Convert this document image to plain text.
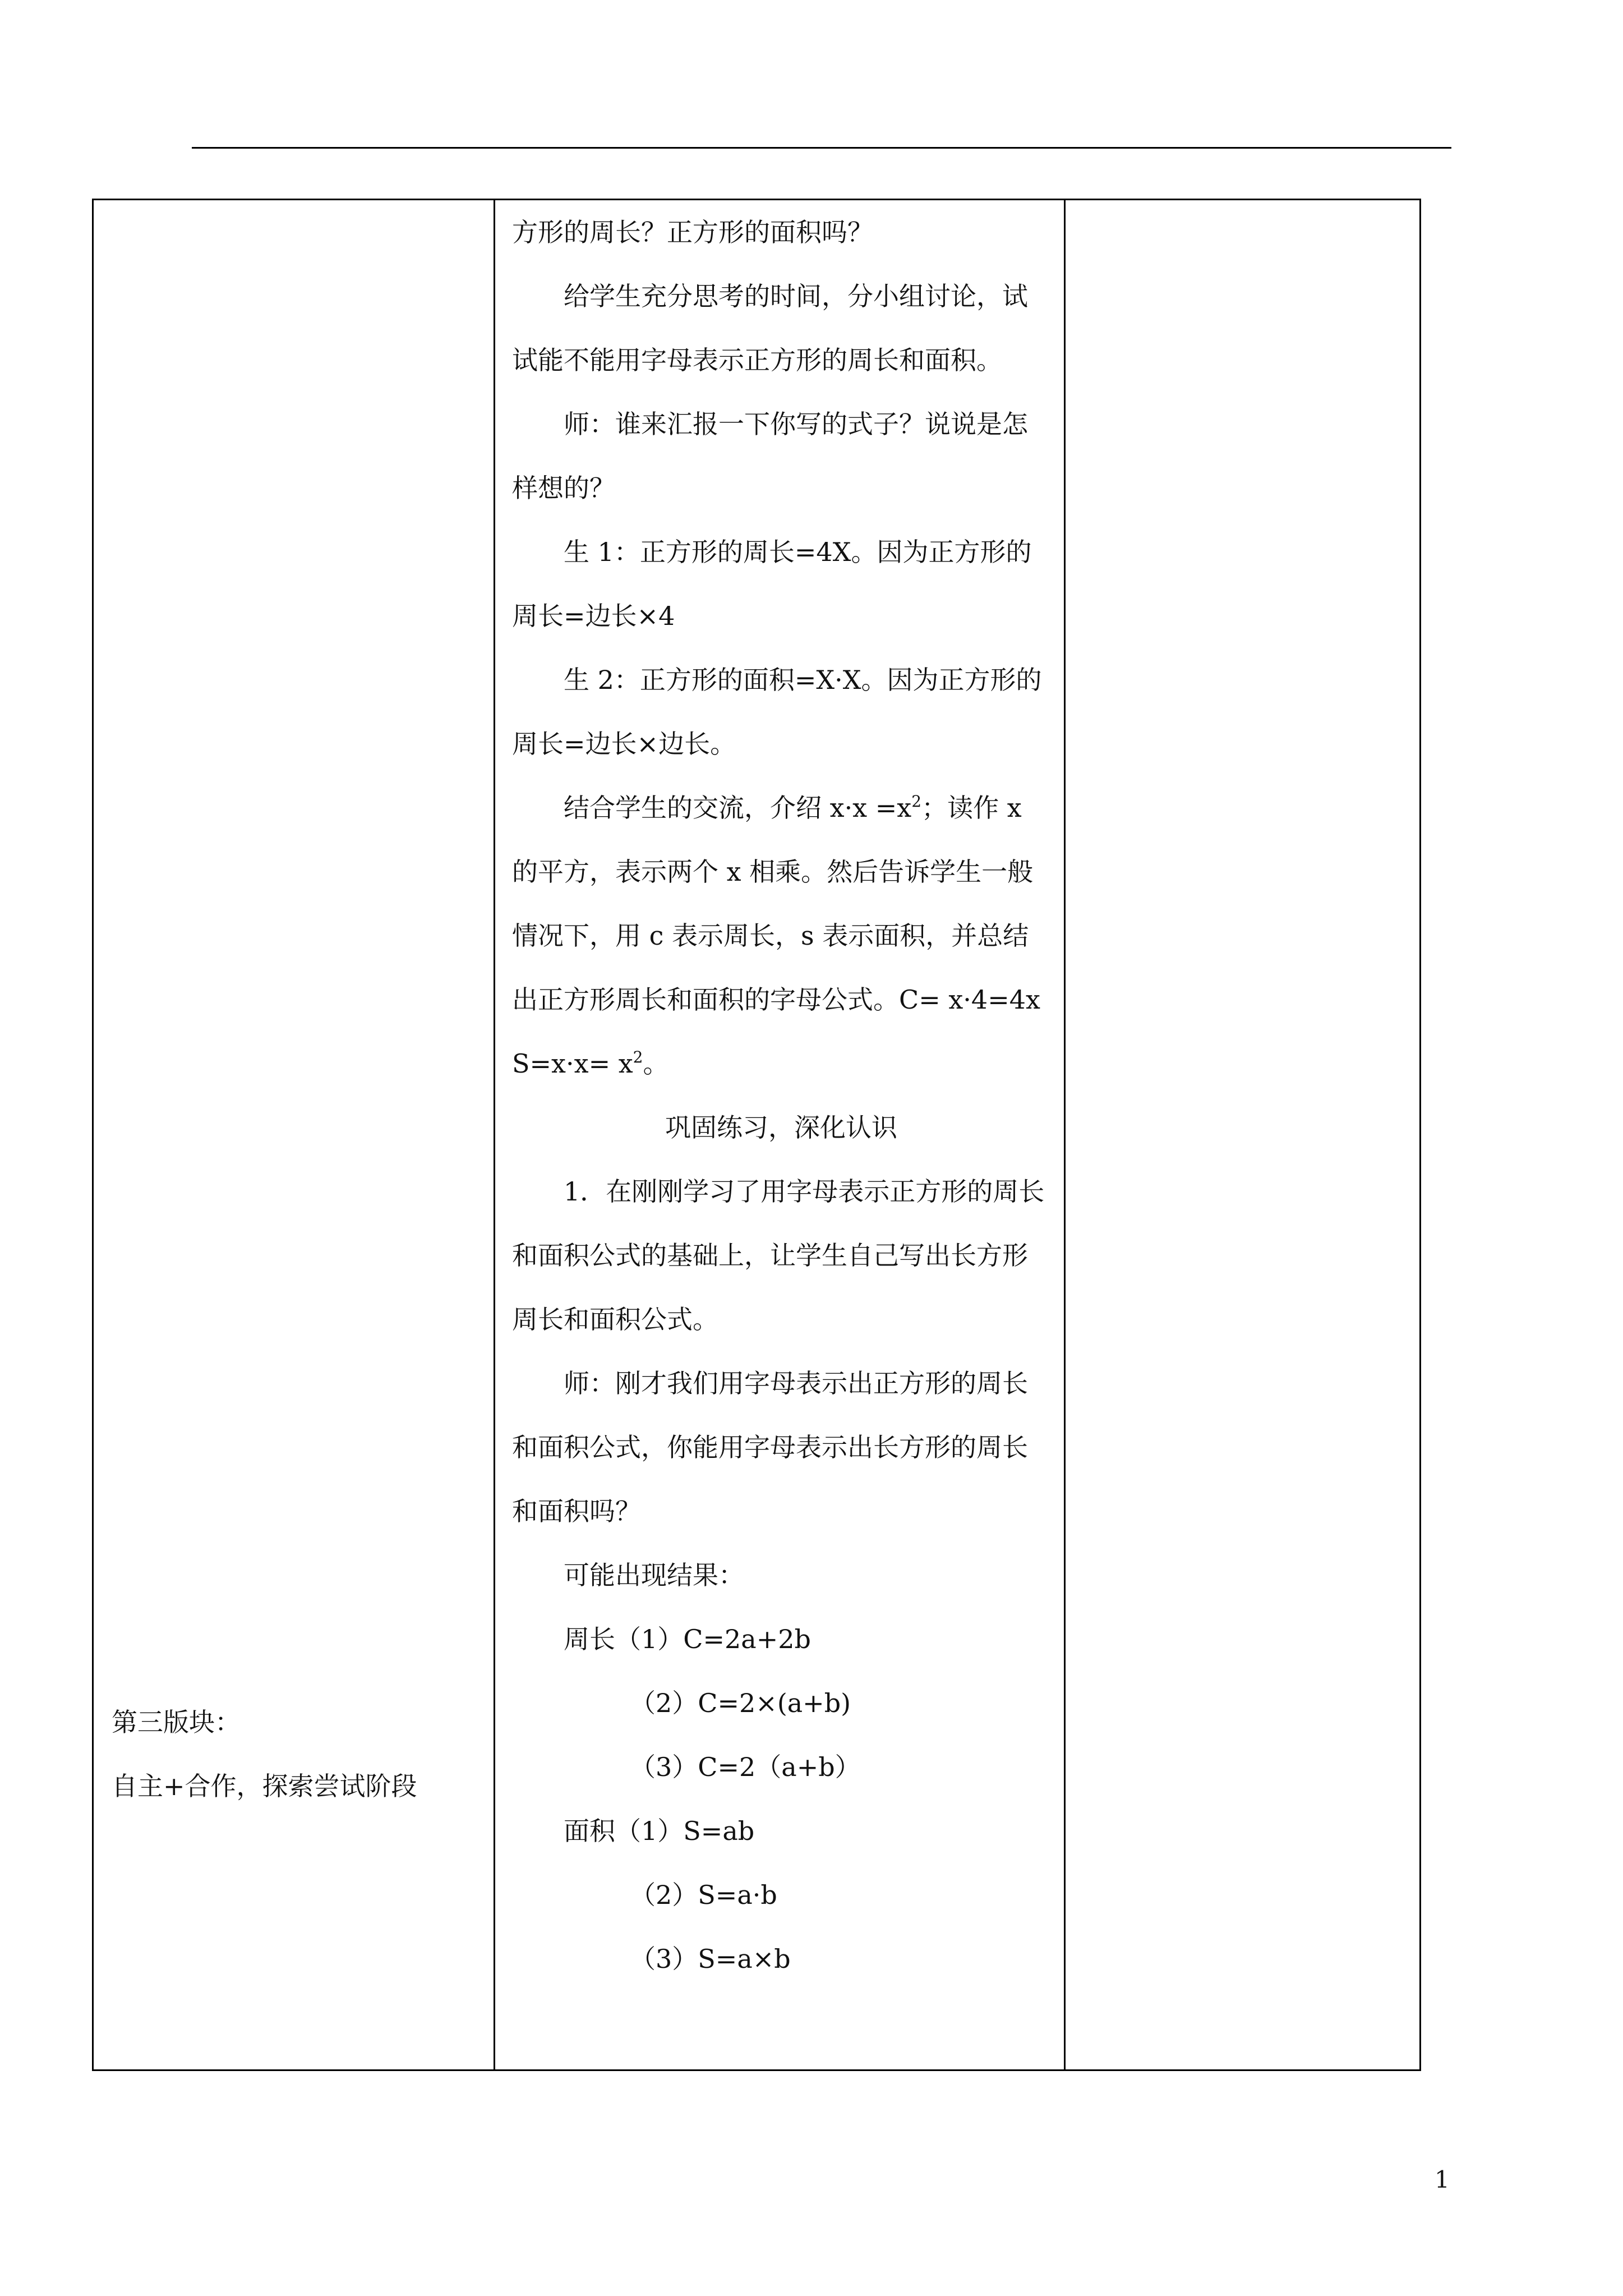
第三版块：
自主+合作，探索尝试阶段

方形的周长？正方形的面积吗？

给学生充分思考的时间，分小组讨论，试试能不能用字母表示正方形的周长和面积。

师：谁来汇报一下你写的式子？说说是怎样想的？

生 1：正方形的周长=4X。因为正方形的周长=边长×4

生 2：正方形的面积=X·X。因为正方形的周长=边长×边长。

结合学生的交流，介绍 $x\cdot x =x^2$；读作 x 的平方，表示两个 x 相乘。然后告诉学生一般情况下，用 c 表示周长，s 表示面积，并总结出正方形周长和面积的字母公式。C= x·4=4x　$S=x\cdot x= x^2$。

巩固练习，深化认识

1．在刚刚学习了用字母表示正方形的周长和面积公式的基础上，让学生自己写出长方形周长和面积公式。

师：刚才我们用字母表示出正方形的周长和面积公式，你能用字母表示出长方形的周长和面积吗？

可能出现结果：

周长（1）C=2a+2b

（2）C=2×(a+b)

（3）C=2（a+b）

面积（1）S=ab

（2）S=a·b

（3）S=a×b

1
